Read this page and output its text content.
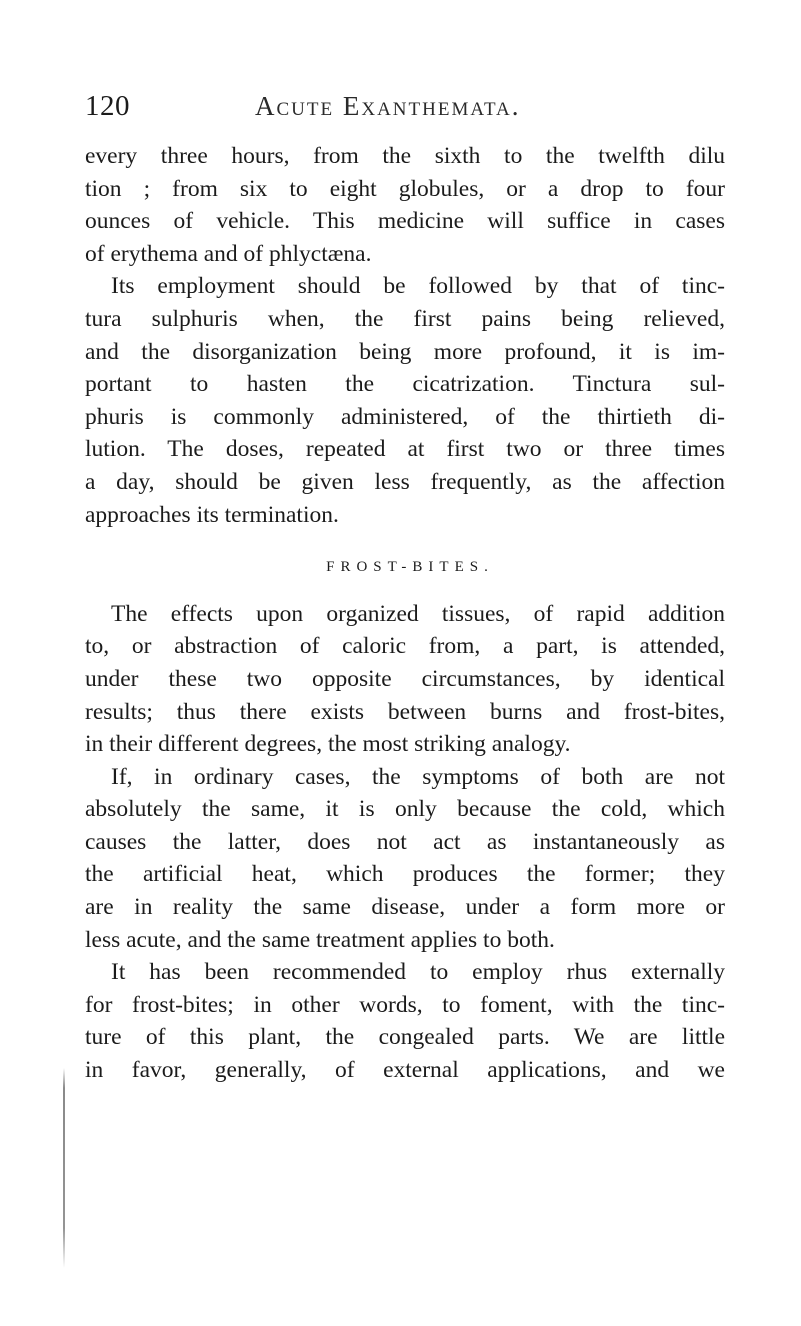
120	Acute Exanthemata.
every three hours, from the sixth to the twelfth dilu
tion ; from six to eight globules, or a drop to four
ounces of vehicle. This medicine will suffice in cases
of erythema and of phlyctæna.
Its employment should be followed by that of tinc-
tura sulphuris when, the first pains being relieved,
and the disorganization being more profound, it is im-
portant to hasten the cicatrization. Tinctura sul-
phuris is commonly administered, of the thirtieth di-
lution. The doses, repeated at first two or three times
a day, should be given less frequently, as the affection
approaches its termination.
FROST-BITES.
The effects upon organized tissues, of rapid addition
to, or abstraction of caloric from, a part, is attended,
under these two opposite circumstances, by identical
results; thus there exists between burns and frost-bites,
in their different degrees, the most striking analogy.
If, in ordinary cases, the symptoms of both are not
absolutely the same, it is only because the cold, which
causes the latter, does not act as instantaneously as
the artificial heat, which produces the former; they
are in reality the same disease, under a form more or
less acute, and the same treatment applies to both.
It has been recommended to employ rhus externally
for frost-bites; in other words, to foment, with the tinc-
ture of this plant, the congealed parts. We are little
in favor, generally, of external applications, and we
